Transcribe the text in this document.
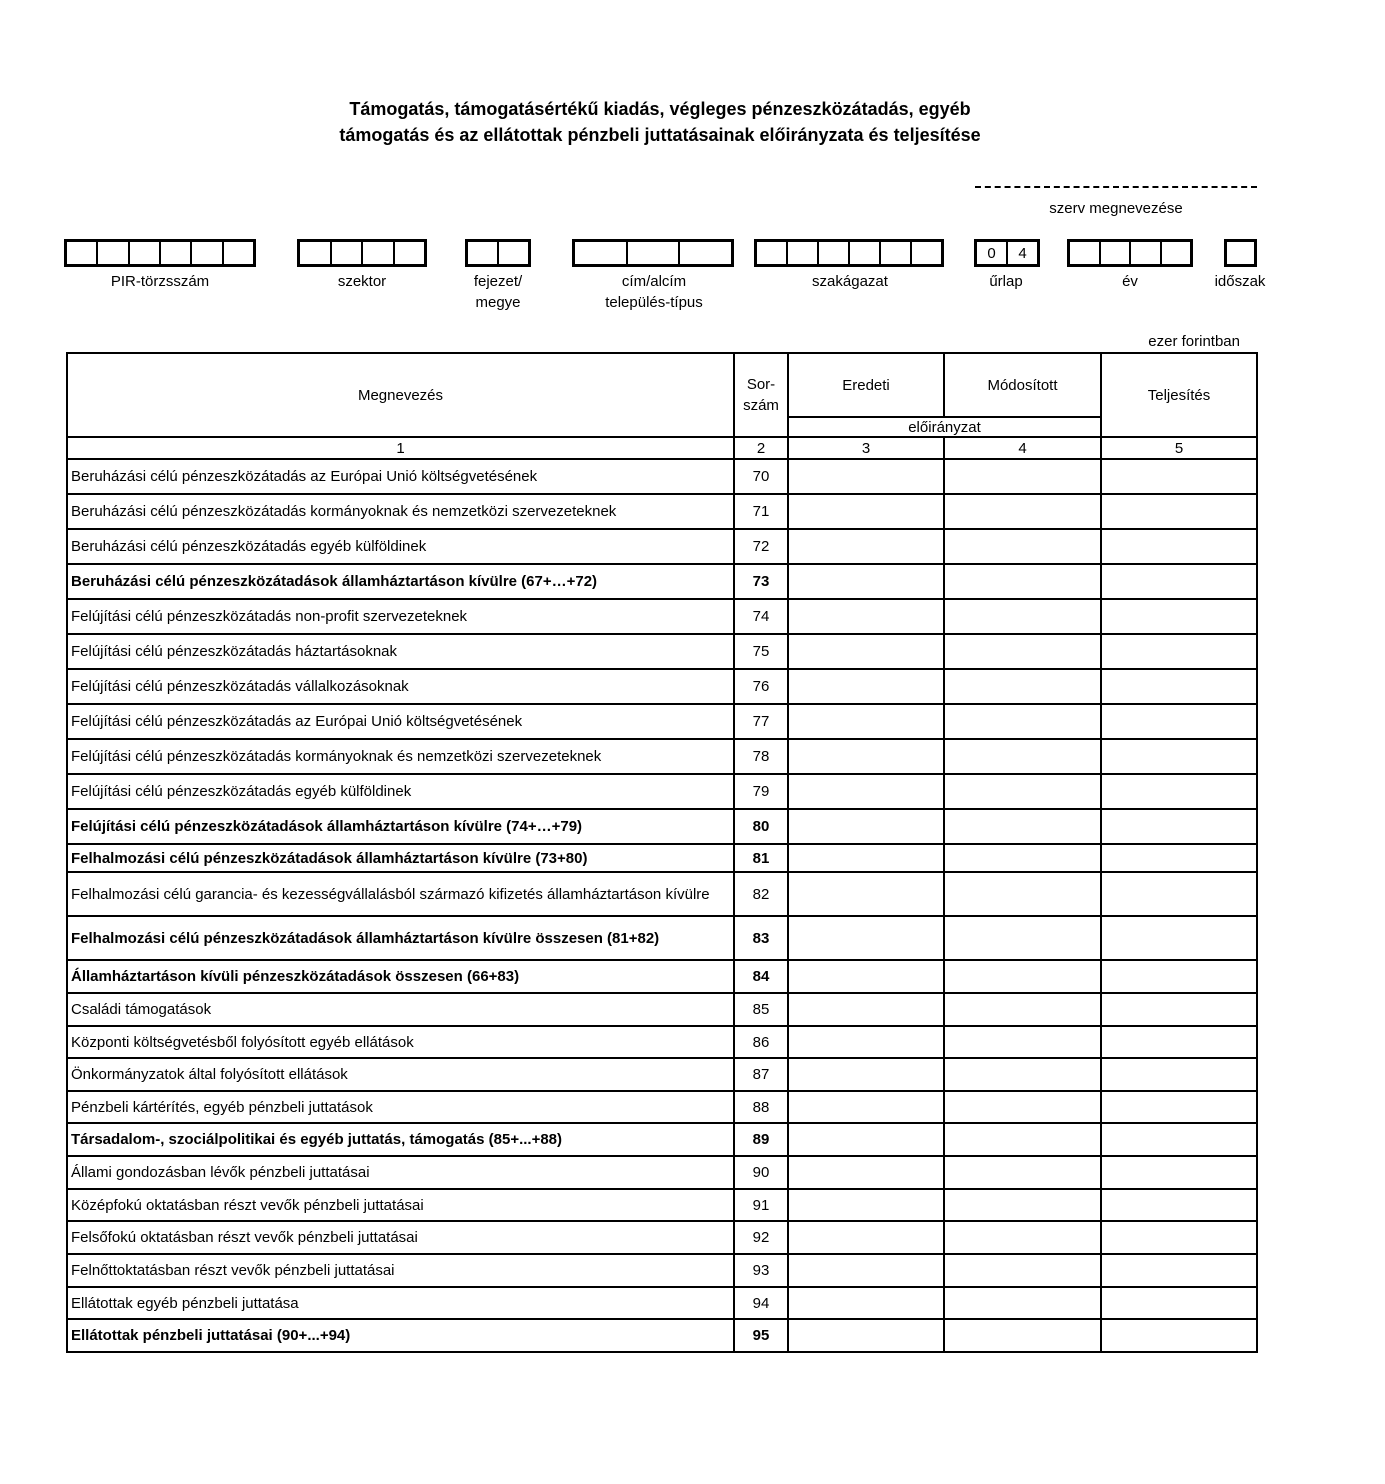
Támogatás, támogatásértékű kiadás, végleges pénzeszközátadás, egyéb
támogatás és az ellátottak pénzbeli juttatásainak előirányzata és teljesítése
szerv megnevezése
PIR-törzsszám	szektor	fejezet/
megye
cím/alcím
település-típus
szakágazat
0	4
űrlap	év	időszak
ezer forintban
Megnevezés	Sor-
szám	Eredeti	Módosított	Teljesítés
		előirányzat		
1	2	3	4	5
Beruházási célú pénzeszközátadás az Európai Unió költségvetésének	70			
Beruházási célú pénzeszközátadás kormányoknak és nemzetközi szervezeteknek	71			
Beruházási célú pénzeszközátadás egyéb külföldinek	72			
Beruházási célú pénzeszközátadások államháztartáson kívülre (67+…+72)	73			
Felújítási célú pénzeszközátadás non-profit szervezeteknek	74			
Felújítási célú pénzeszközátadás háztartásoknak	75			
Felújítási célú pénzeszközátadás vállalkozásoknak	76			
Felújítási célú pénzeszközátadás az Európai Unió költségvetésének	77			
Felújítási célú pénzeszközátadás kormányoknak és nemzetközi szervezeteknek	78			
Felújítási célú pénzeszközátadás egyéb külföldinek	79			
Felújítási célú pénzeszközátadások államháztartáson kívülre (74+…+79)	80			
Felhalmozási célú pénzeszközátadások államháztartáson kívülre (73+80)	81			
Felhalmozási célú garancia- és kezességvállalásból származó kifizetés államháztartáson kívülre	82			
Felhalmozási célú pénzeszközátadások államháztartáson kívülre összesen (81+82)	83			
Államháztartáson kívüli pénzeszközátadások összesen (66+83)	84			
Családi támogatások	85			
Központi költségvetésből folyósított egyéb ellátások	86			
Önkormányzatok által folyósított ellátások	87			
Pénzbeli kártérítés, egyéb pénzbeli juttatások	88			
Társadalom-, szociálpolitikai és egyéb juttatás, támogatás (85+...+88)	89			
Állami gondozásban lévők pénzbeli juttatásai	90			
Középfokú oktatásban részt vevők pénzbeli juttatásai	91			
Felsőfokú oktatásban részt vevők pénzbeli juttatásai	92			
Felnőttoktatásban részt vevők pénzbeli juttatásai	93			
Ellátottak egyéb pénzbeli juttatása	94			
Ellátottak pénzbeli juttatásai (90+...+94)	95			
